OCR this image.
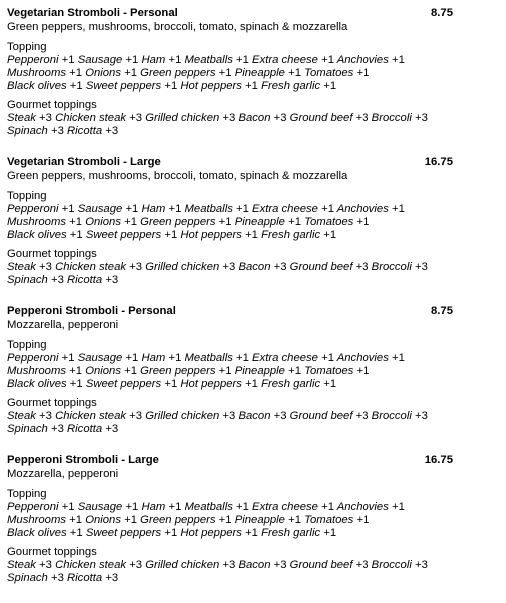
Vegetarian Stromboli - Personal	8.75
Green peppers, mushrooms, broccoli, tomato, spinach & mozzarella
Topping
Pepperoni +1 Sausage +1 Ham +1 Meatballs +1 Extra cheese +1 Anchovies +1
Mushrooms +1 Onions +1 Green peppers +1 Pineapple +1 Tomatoes +1
Black olives +1 Sweet peppers +1 Hot peppers +1 Fresh garlic +1
Gourmet toppings
Steak +3 Chicken steak +3 Grilled chicken +3 Bacon +3 Ground beef +3 Broccoli +3
Spinach +3 Ricotta +3
Vegetarian Stromboli - Large	16.75
Green peppers, mushrooms, broccoli, tomato, spinach & mozzarella
Topping
Pepperoni +1 Sausage +1 Ham +1 Meatballs +1 Extra cheese +1 Anchovies +1
Mushrooms +1 Onions +1 Green peppers +1 Pineapple +1 Tomatoes +1
Black olives +1 Sweet peppers +1 Hot peppers +1 Fresh garlic +1
Gourmet toppings
Steak +3 Chicken steak +3 Grilled chicken +3 Bacon +3 Ground beef +3 Broccoli +3
Spinach +3 Ricotta +3
Pepperoni Stromboli - Personal	8.75
Mozzarella, pepperoni
Topping
Pepperoni +1 Sausage +1 Ham +1 Meatballs +1 Extra cheese +1 Anchovies +1
Mushrooms +1 Onions +1 Green peppers +1 Pineapple +1 Tomatoes +1
Black olives +1 Sweet peppers +1 Hot peppers +1 Fresh garlic +1
Gourmet toppings
Steak +3 Chicken steak +3 Grilled chicken +3 Bacon +3 Ground beef +3 Broccoli +3
Spinach +3 Ricotta +3
Pepperoni Stromboli - Large	16.75
Mozzarella, pepperoni
Topping
Pepperoni +1 Sausage +1 Ham +1 Meatballs +1 Extra cheese +1 Anchovies +1
Mushrooms +1 Onions +1 Green peppers +1 Pineapple +1 Tomatoes +1
Black olives +1 Sweet peppers +1 Hot peppers +1 Fresh garlic +1
Gourmet toppings
Steak +3 Chicken steak +3 Grilled chicken +3 Bacon +3 Ground beef +3 Broccoli +3
Spinach +3 Ricotta +3
